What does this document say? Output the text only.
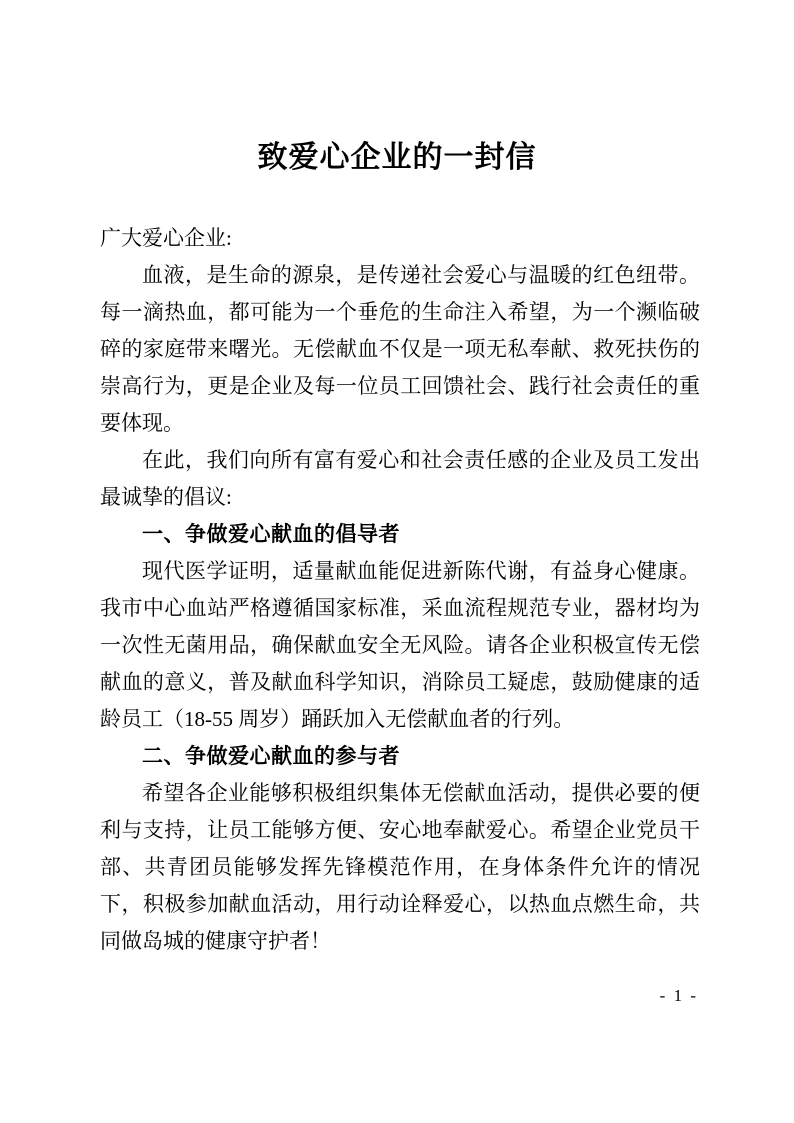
致爱心企业的一封信

广大爱心企业:

血液，是生命的源泉，是传递社会爱心与温暖的红色纽带。每一滴热血，都可能为一个垂危的生命注入希望，为一个濒临破碎的家庭带来曙光。无偿献血不仅是一项无私奉献、救死扶伤的崇高行为，更是企业及每一位员工回馈社会、践行社会责任的重要体现。

在此，我们向所有富有爱心和社会责任感的企业及员工发出最诚挚的倡议:

一、争做爱心献血的倡导者

现代医学证明，适量献血能促进新陈代谢，有益身心健康。我市中心血站严格遵循国家标准，采血流程规范专业，器材均为一次性无菌用品，确保献血安全无风险。请各企业积极宣传无偿献血的意义，普及献血科学知识，消除员工疑虑，鼓励健康的适龄员工（18-55 周岁）踊跃加入无偿献血者的行列。

二、争做爱心献血的参与者

希望各企业能够积极组织集体无偿献血活动，提供必要的便利与支持，让员工能够方便、安心地奉献爱心。希望企业党员干部、共青团员能够发挥先锋模范作用，在身体条件允许的情况下，积极参加献血活动，用行动诠释爱心，以热血点燃生命，共同做岛城的健康守护者！

- 1 -
